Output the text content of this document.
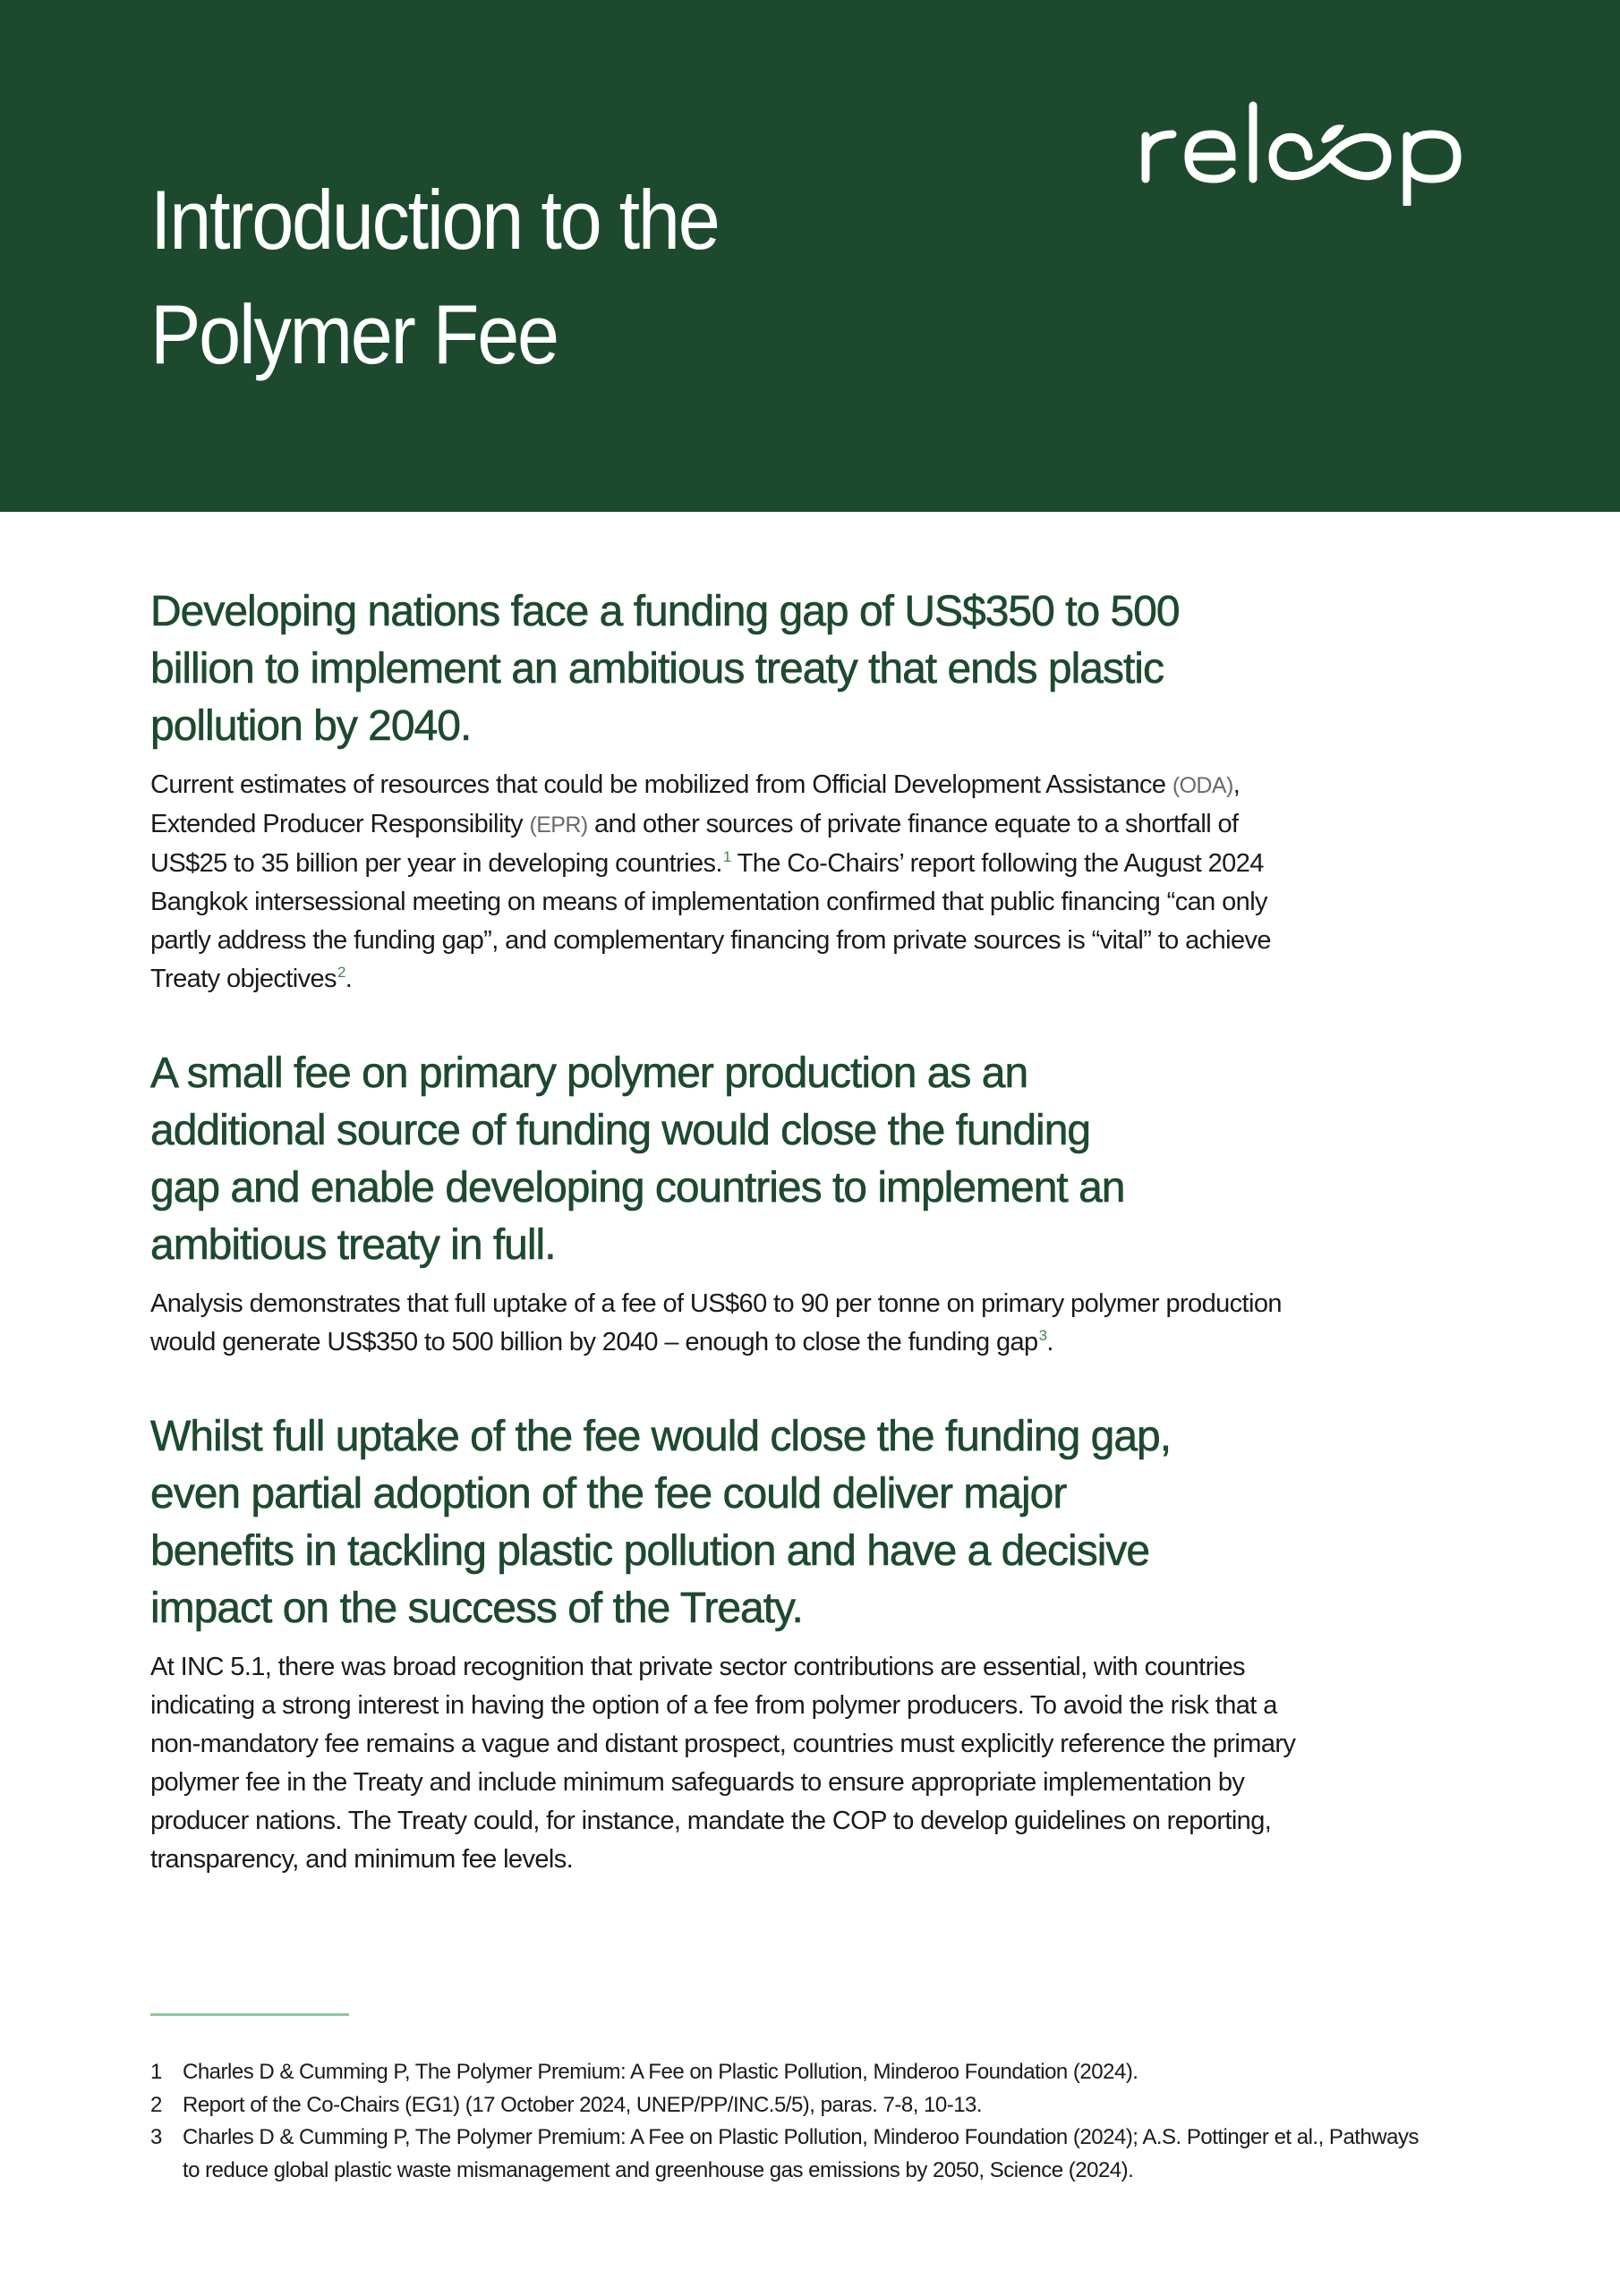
Introduction to the
Polymer Fee
Developing nations face a funding gap of US$350 to 500 billion to implement an ambitious treaty that ends plastic pollution by 2040.

Current estimates of resources that could be mobilized from Official Development Assistance (ODA), Extended Producer Responsibility (EPR) and other sources of private finance equate to a shortfall of US$25 to 35 billion per year in developing countries.$^1$ The Co-Chairs’ report following the August 2024 Bangkok intersessional meeting on means of implementation confirmed that public financing “can only partly address the funding gap”, and complementary financing from private sources is “vital” to achieve Treaty objectives$^2$.

A small fee on primary polymer production as an additional source of funding would close the funding gap and enable developing countries to implement an ambitious treaty in full.

Analysis demonstrates that full uptake of a fee of US$60 to 90 per tonne on primary polymer production would generate US$350 to 500 billion by 2040 – enough to close the funding gap$^3$.

Whilst full uptake of the fee would close the funding gap, even partial adoption of the fee could deliver major benefits in tackling plastic pollution and have a decisive impact on the success of the Treaty.

At INC 5.1, there was broad recognition that private sector contributions are essential, with countries indicating a strong interest in having the option of a fee from polymer producers. To avoid the risk that a non-mandatory fee remains a vague and distant prospect, countries must explicitly reference the primary polymer fee in the Treaty and include minimum safeguards to ensure appropriate implementation by producer nations. The Treaty could, for instance, mandate the COP to develop guidelines on reporting, transparency, and minimum fee levels.

1 Charles D & Cumming P, The Polymer Premium: A Fee on Plastic Pollution, Minderoo Foundation (2024).
2 Report of the Co-Chairs (EG1) (17 October 2024, UNEP/PP/INC.5/5), paras. 7-8, 10-13.
3 Charles D & Cumming P, The Polymer Premium: A Fee on Plastic Pollution, Minderoo Foundation (2024); A.S. Pottinger et al., Pathways to reduce global plastic waste mismanagement and greenhouse gas emissions by 2050, Science (2024).
